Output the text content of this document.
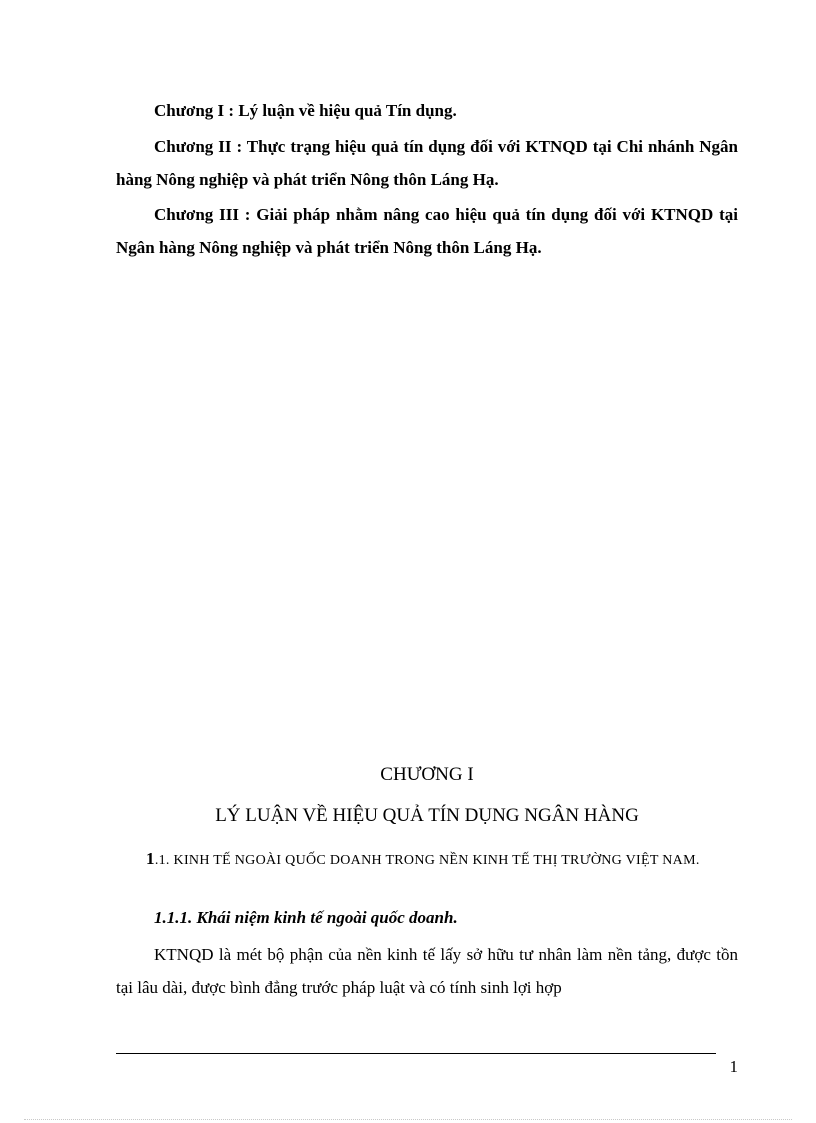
Chương I : Lý luận về hiệu quả Tín dụng.

Chương II : Thực trạng hiệu quả tín dụng đối với KTNQD tại Chi nhánh Ngân hàng Nông nghiệp và phát triển Nông thôn Láng Hạ.

Chương III : Giải pháp nhằm nâng cao hiệu quả tín dụng đối với KTNQD tại Ngân hàng Nông nghiệp và phát triển Nông thôn Láng Hạ.

CHƯƠNG I
LÝ LUẬN VỀ HIỆU QUẢ TÍN DỤNG NGÂN HÀNG

1.1. KINH TẾ NGOÀI QUỐC DOANH TRONG NỀN KINH TẾ THỊ TRƯỜNG VIỆT NAM.

1.1.1. Khái niệm kinh tế ngoài quốc doanh.

KTNQD là mét bộ phận của nền kinh tế lấy sở hữu tư nhân làm nền tảng, được tồn tại lâu dài, được bình đẳng trước pháp luật và có tính sinh lợi hợp

1
